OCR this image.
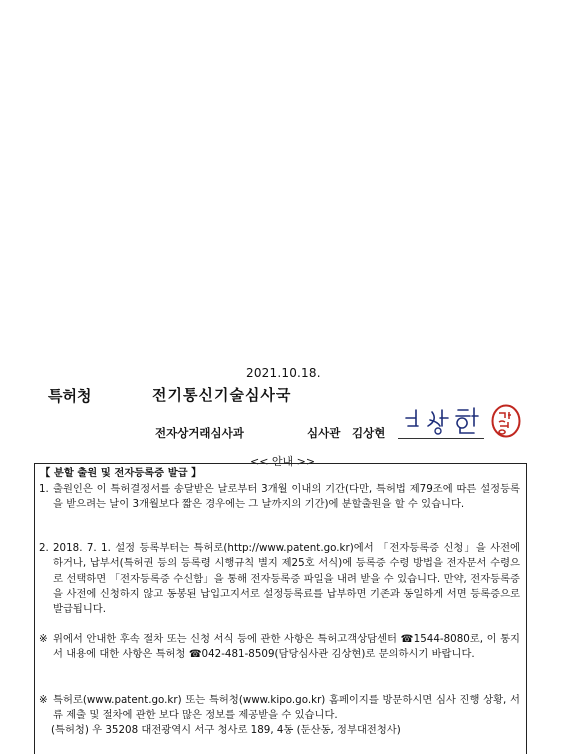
2021.10.18.
특허청	전기통신기술심사국
전자상거래심사과	심사관 김상현
<< 안내 >>
【 분할 출원 및 전자등록증 발급 】
1. 출원인은 이 특허결정서를 송달받은 날로부터 3개월 이내의 기간(다만, 특허법 제79조에 따른 설정등록을 받으려는 날이 3개월보다 짧은 경우에는 그 날까지의 기간)에 분할출원을 할 수 있습니다.
2. 2018. 7. 1. 설정 등록부터는 특허로(http://www.patent.go.kr)에서 「전자등록증 신청」을 사전에 하거나, 납부서(특허권 등의 등록령 시행규칙 별지 제25호 서식)에 등록증 수령 방법을 전자문서 수령으로 선택하면 「전자등록증 수신함」을 통해 전자등록증 파일을 내려 받을 수 있습니다. 만약, 전자등록증을 사전에 신청하지 않고 동봉된 납입고지서로 설정등록료를 납부하면 기존과 동일하게 서면 등록증으로 발급됩니다.
※ 위에서 안내한 후속 절차 또는 신청 서식 등에 관한 사항은 특허고객상담센터 ☎1544-8080로, 이 통지서 내용에 대한 사항은 특허청 ☎042-481-8509(담당심사관 김상현)로 문의하시기 바랍니다.
※ 특허로(www.patent.go.kr) 또는 특허청(www.kipo.go.kr) 홈페이지를 방문하시면 심사 진행 상황, 서류 제출 및 절차에 관한 보다 많은 정보를 제공받을 수 있습니다.
(특허청) 우 35208 대전광역시 서구 청사로 189, 4동 (둔산동, 정부대전청사)
